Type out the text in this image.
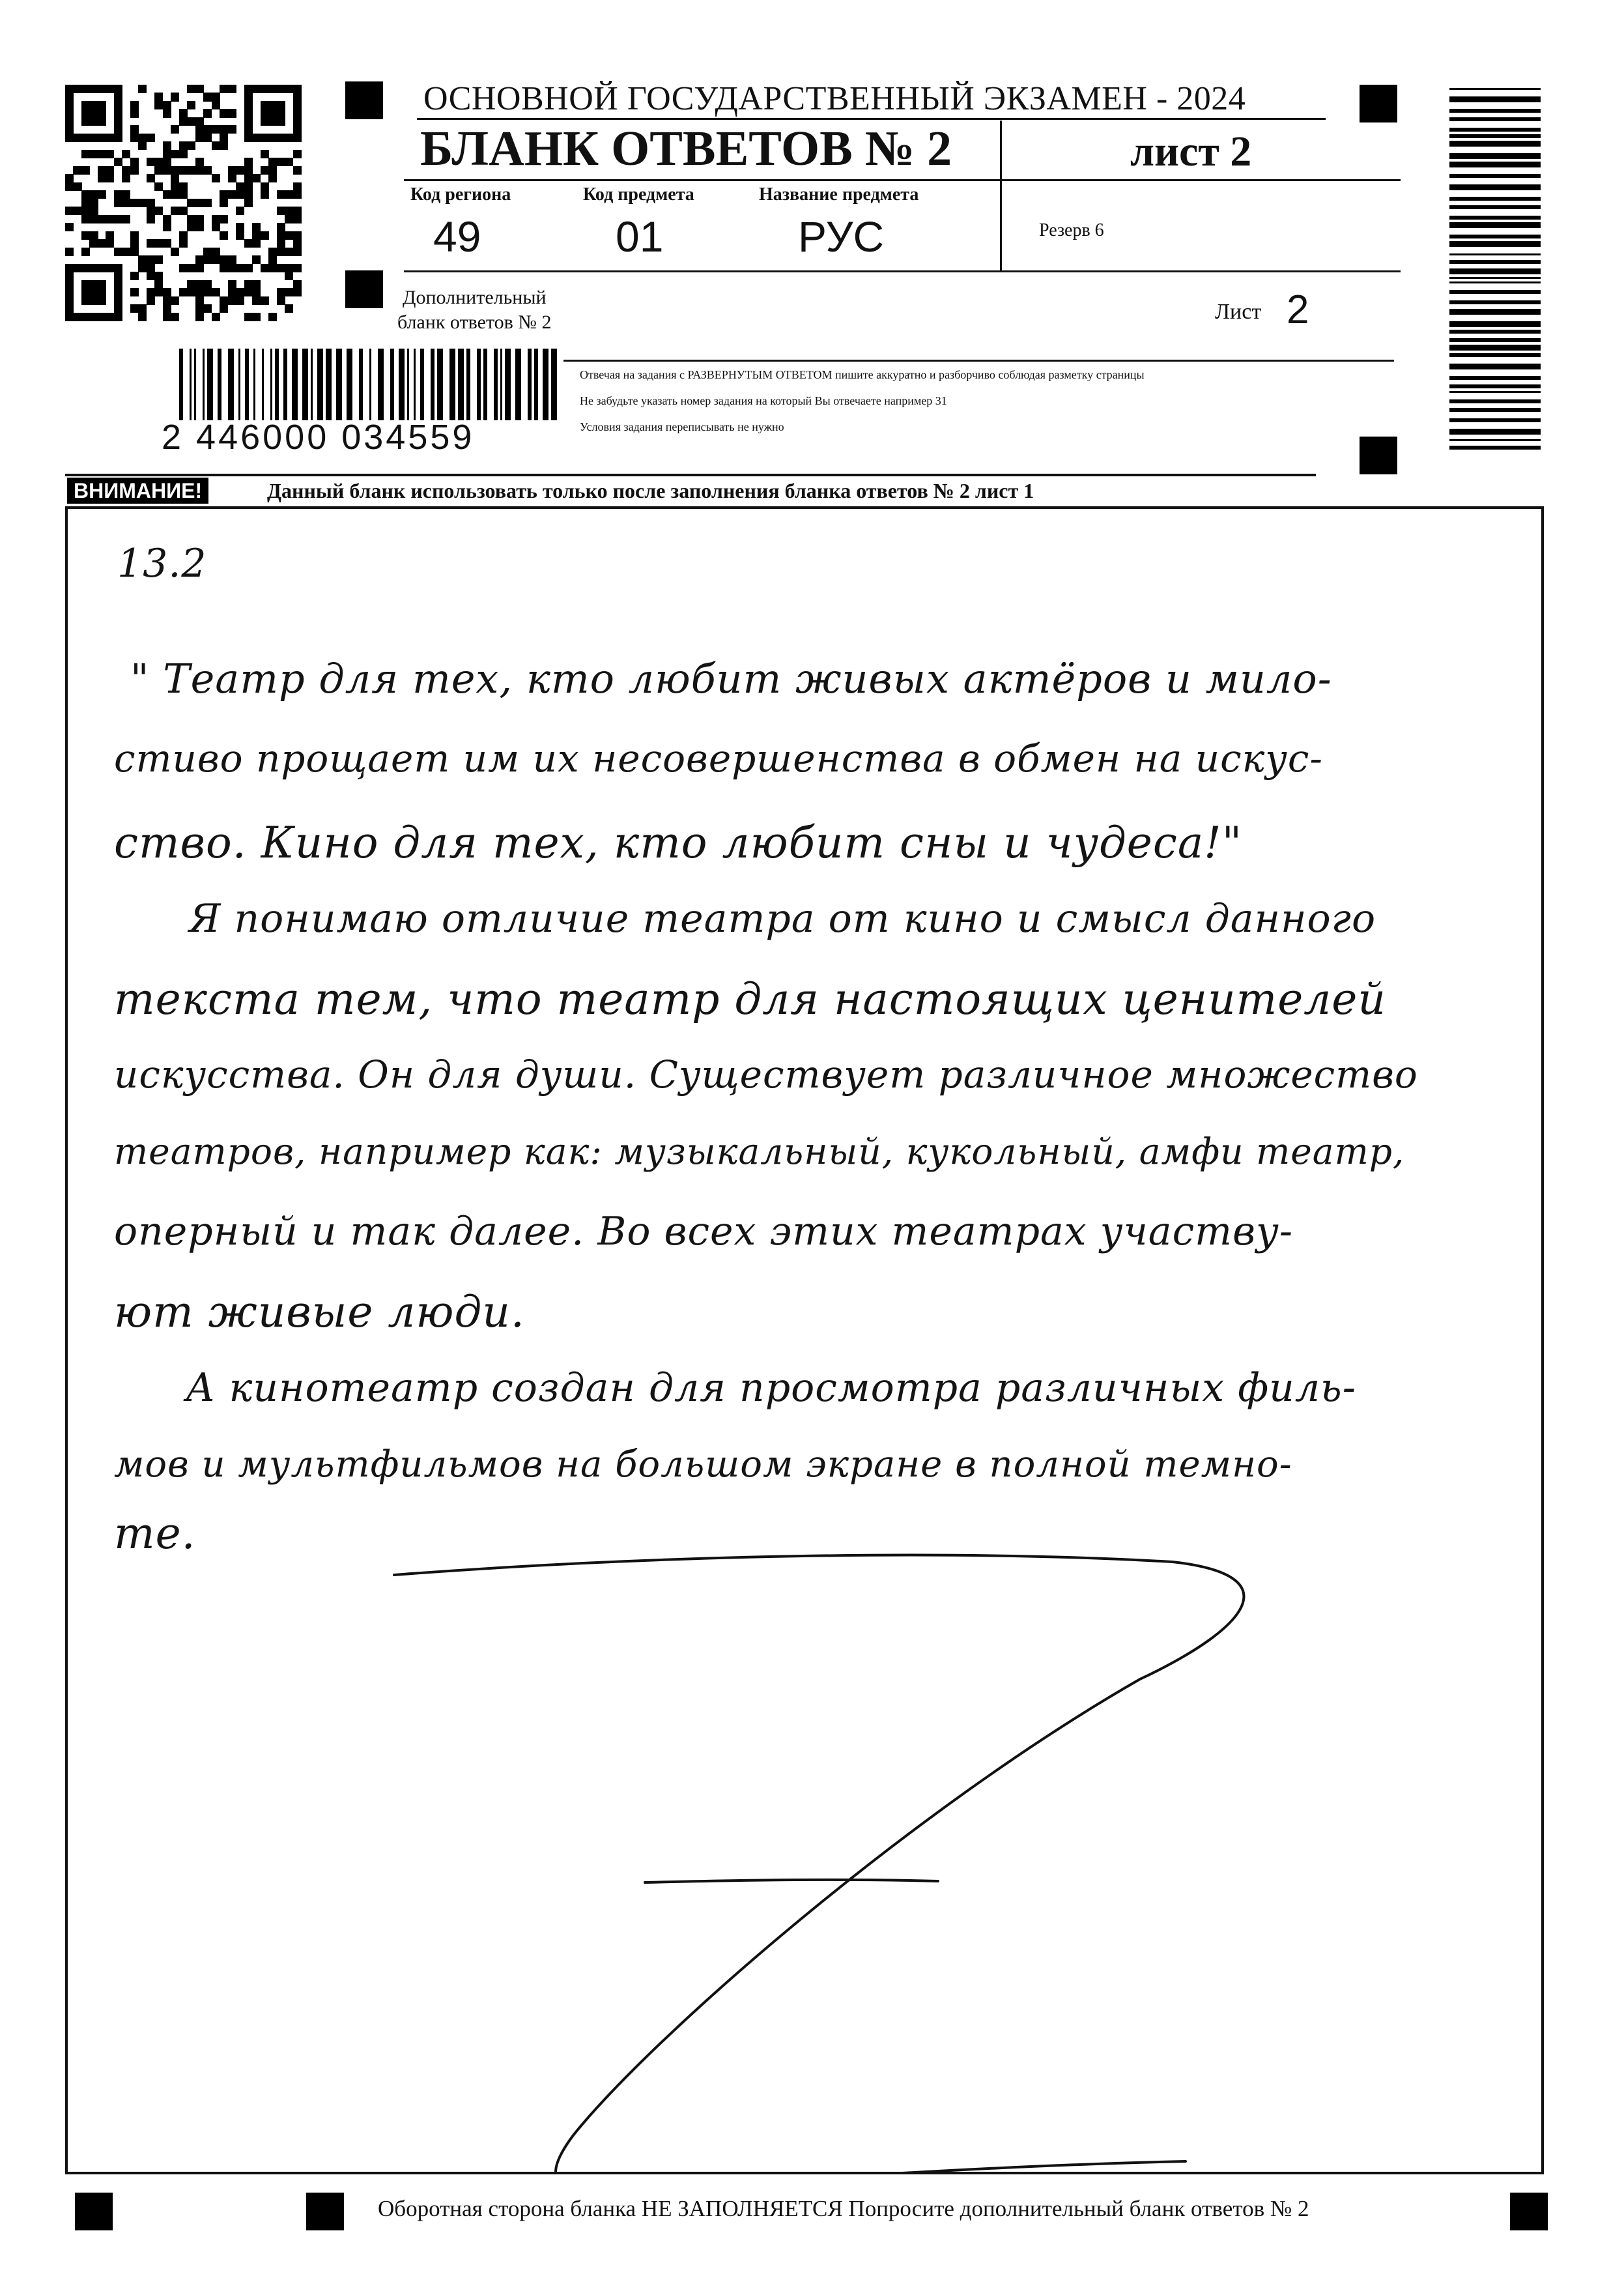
ОСНОВНОЙ ГОСУДАРСТВЕННЫЙ ЭКЗАМЕН - 2024
БЛАНК ОТВЕТОВ № 2	лист 2
Код региона
49
Код предмета
01
Название предмета
РУС	Резерв 6
Дополнительный
бланк ответов № 2	Лист 2
2 446000 034559
Отвечая на задания с РАЗВЕРНУТЫМ ОТВЕТОМ пишите аккуратно и разборчиво соблюдая разметку страницы
Не забудьте указать номер задания на который Вы отвечаете например 31
Условия задания переписывать не нужно
ВНИМАНИЕ!	Данный бланк использовать только после заполнения бланка ответов № 2 лист 1
13.2
" Театр для тех, кто любит живых актёров и мило-
стиво прощает им их несовершенства в обмен на искус-
ство. Кино для тех, кто любит сны и чудеса!"
Я понимаю отличие театра от кино и смысл данного
текста тем, что театр для настоящих ценителей
искусства. Он для души. Существует различное множество
театров, например как: музыкальный, кукольный, амфи театр,
оперный и так далее. Во всех этих театрах участву-
ют живые люди.
А кинотеатр создан для просмотра различных филь-
мов и мультфильмов на большом экране в полной темно-
те.
Оборотная сторона бланка НЕ ЗАПОЛНЯЕТСЯ Попросите дополнительный бланк ответов № 2
